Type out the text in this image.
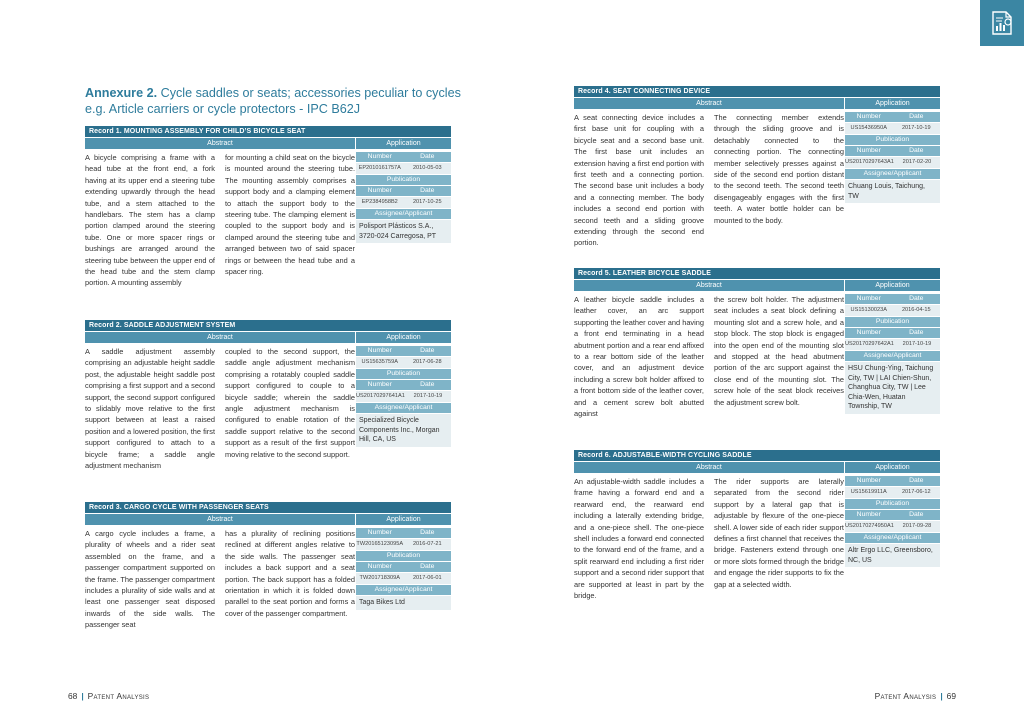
Annexure 2. Cycle saddles or seats; accessories peculiar to cycles e.g. Article carriers or cycle protectors - IPC B62J
Record 1. MOUNTING ASSEMBLY FOR CHILD’S BICYCLE SEAT
Abstract	Application

A bicycle comprising a frame with a head tube at the front end, a fork having at its upper end a steering tube extending upwardly through the head tube, and a stem attached to the handlebars. The stem has a clamp portion clamped around the steering tube. One or more spacer rings or bushings are arranged around the steering tube between the upper end of the head tube and the stem clamp portion. A mounting assembly

for mounting a child seat on the bicycle is mounted around the steering tube. The mounting assembly comprises a support body and a clamping element to attach the support body to the steering tube. The clamping element is coupled to the support body and is clamped around the steering tube and arranged between two of said spacer rings or between the head tube and a spacer ring.

Number	Date
EP2010161757A	2010-05-03
Publication
Number	Date
EP2384958B2	2017-10-25
Assignee/Applicant
Polisport Plásticos S.A., 3720-024 Carregosa, PT
Record 2. SADDLE ADJUSTMENT SYSTEM
Abstract	Application

A saddle adjustment assembly comprising an adjustable height saddle post, the adjustable height saddle post comprising a first support and a second support, the second support configured to slidably move relative to the first support between at least a raised position and a lowered position, the first support configured to attach to a bicycle frame; a saddle angle adjustment mechanism

coupled to the second support, the saddle angle adjustment mechanism comprising a rotatably coupled saddle support configured to couple to a bicycle saddle; wherein the saddle angle adjustment mechanism is configured to enable rotation of the saddle support relative to the second support as a result of the first support moving relative to the second support.

Number	Date
US15635759A	2017-06-28
Publication
Number	Date
US20170297641A1	2017-10-19
Assignee/Applicant
Specialized Bicycle Components Inc., Morgan Hill, CA, US
Record 3. CARGO CYCLE WITH PASSENGER SEATS
Abstract	Application

A cargo cycle includes a frame, a plurality of wheels and a rider seat assembled on the frame, and a passenger compartment supported on the frame. The passenger compartment includes a plurality of side walls and at least one passenger seat disposed inwards of the side walls. The passenger seat

has a plurality of reclining positions reclined at different angles relative to the side walls. The passenger seat includes a back support and a seat portion. The back support has a folded orientation in which it is folded down parallel to the seat portion and forms a cover of the passenger compartment.

Number	Date
TW20165123095A	2016-07-21
Publication
Number	Date
TW201718309A	2017-06-01
Assignee/Applicant
Taga Bikes Ltd
Record 4. SEAT CONNECTING DEVICE
Abstract	Application

A seat connecting device includes a first base unit for coupling with a bicycle seat and a second base unit. The first base unit includes an extension having a first end portion with first teeth and a connecting portion. The second base unit includes a body and a connecting member. The body includes a second end portion with second teeth and a sliding groove extending through the second end portion.

The connecting member extends through the sliding groove and is detachably connected to the connecting portion. The connecting member selectively presses against a side of the second end portion distant to the second teeth. The second teeth disengageably engages with the first teeth. A water bottle holder can be mounted to the body.

Number	Date
US15436950A	2017-10-19
Publication
Number	Date
US20170297643A1	2017-02-20
Assignee/Applicant
Chuang Louis, Taichung, TW
Record 5. LEATHER BICYCLE SADDLE
Abstract	Application

A leather bicycle saddle includes a leather cover, an arc support supporting the leather cover and having a front end terminating in a head abutment portion and a rear end affixed to a rear bottom side of the leather cover, and an adjustment device including a screw bolt holder affixed to a front bottom side of the leather cover, and a cement screw bolt abutted against

the screw bolt holder. The adjustment seat includes a seat block defining a mounting slot and a screw hole, and a stop block. The stop block is engaged into the open end of the mounting slot and stopped at the head abutment portion of the arc support against the close end of the mounting slot. The screw hole of the seat block receives the adjustment screw bolt.

Number	Date
US15130023A	2016-04-15
Publication
Number	Date
US20170297642A1	2017-10-19
Assignee/Applicant
HSU Chung-Ying, Taichung City, TW | LAI Chien-Shun, Changhua City, TW | Lee Chia-Wen, Huatan Township, TW
Record 6. ADJUSTABLE-WIDTH CYCLING SADDLE
Abstract	Application

An adjustable-width saddle includes a frame having a forward end and a rearward end, the rearward end including a laterally extending bridge, and a one-piece shell. The one-piece shell includes a forward end connected to the forward end of the frame, and a split rearward end including a first rider support and a second rider support that are supported at least in part by the bridge.

The rider supports are laterally separated from the second rider support by a lateral gap that is adjustable by flexure of the one-piece shell. A lower side of each rider support defines a first channel that receives the bridge. Fasteners extend through one or more slots formed through the bridge and engage the rider supports to fix the gap at a selected width.

Number	Date
US15619911A	2017-06-12
Publication
Number	Date
US20170274950A1	2017-09-28
Assignee/Applicant
Altr Ergo LLC, Greensboro, NC, US
68 | Patent Analysis	Patent Analysis | 69
